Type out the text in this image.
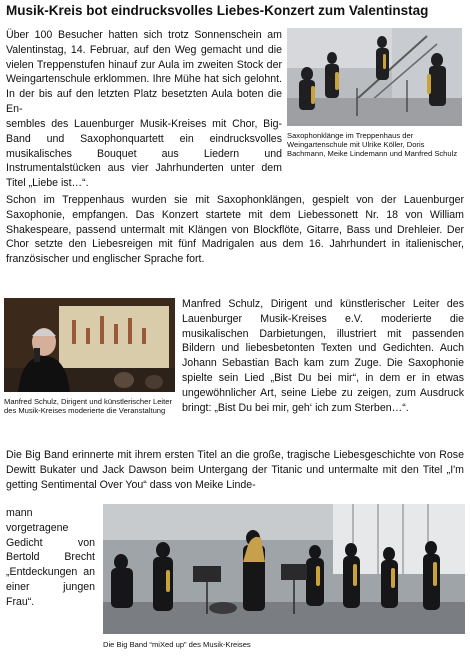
Musik-Kreis bot eindrucksvolles Liebes-Konzert zum Valentinstag

Über 100 Besucher hatten sich trotz Sonnenschein am Valentinstag, 14. Februar, auf den Weg gemacht und die vielen Treppenstufen hinauf zur Aula im zweiten Stock der Weingartenschule erklommen. Ihre Mühe hat sich gelohnt. In der bis auf den letzten Platz besetzten Aula boten die En-

Saxophonklänge im Treppenhaus der Weingartenschule mit Ulrike Köller, Doris Bachmann, Meike Lindemann und Manfred Schulz

sembles des Lauenburger Musik-Kreises mit Chor, Big-Band und Saxophonquartett ein eindrucksvolles musikalisches Bouquet aus Liedern und Instrumentalstücken aus vier Jahrhunderten unter dem Titel „Liebe ist…“.

Schon im Treppenhaus wurden sie mit Saxophonklängen, gespielt von der Lauenburger Saxophonie, empfangen. Das Konzert startete mit dem Liebessonett Nr. 18 von William Shakespeare, passend untermalt mit Klängen von Blockflöte, Gitarre, Bass und Drehleier. Der Chor setzte den Liebesreigen mit fünf Madrigalen aus dem 16. Jahrhundert in italienischer, französischer und englischer Sprache fort.

Manfred Schulz, Dirigent und künstlerischer Leiter des Musik-Kreises moderierte die Veranstaltung

Manfred Schulz, Dirigent und künstlerischer Leiter des Lauenburger Musik-Kreises e.V. moderierte die musikalischen Darbietungen, illustriert mit passenden Bildern und liebesbetonten Texten und Gedichten. Auch Johann Sebastian Bach kam zum Zuge. Die Saxophonie spielte sein Lied „Bist Du bei mir“, in dem er in etwas ungewöhnlicher Art, seine Liebe zu zeigen, zum Ausdruck bringt: „Bist Du bei mir, geh‘ ich zum Sterben…“.

Die Big Band erinnerte mit ihrem ersten Titel an die große, tragische Liebesgeschichte von Rose Dewitt Bukater und Jack Dawson beim Untergang der Titanic und untermalte mit den Titel „I'm getting Sentimental Over You“ dass von Meike Linde-

mann vorgetragene Gedicht von Bertold Brecht „Entdeckungen an einer jungen Frau“.

Die Big Band “miXed up” des Musik-Kreises
